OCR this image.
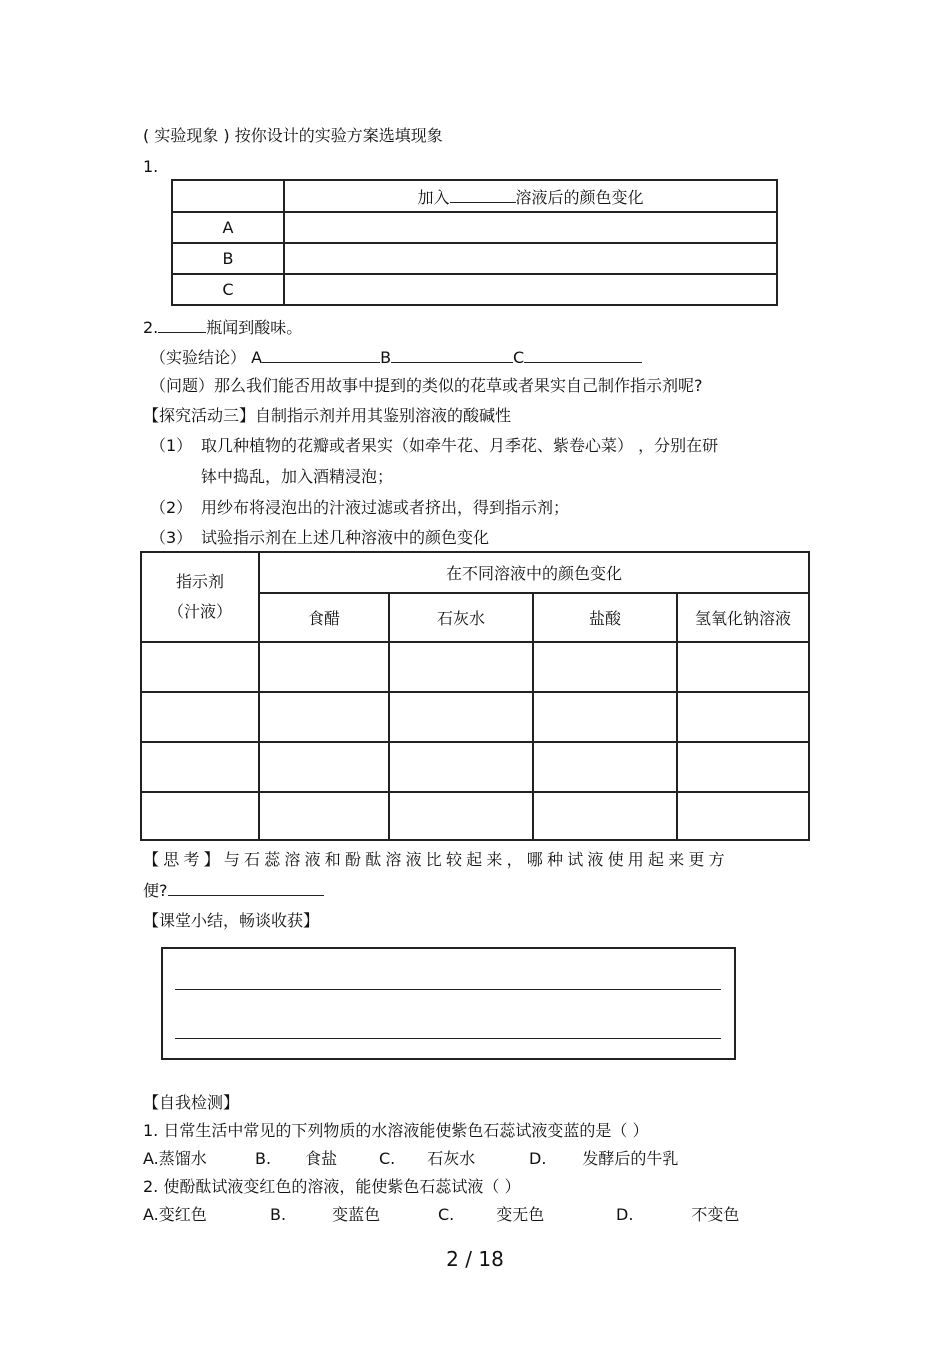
( 实验现象 ) 按你设计的实验方案选填现象
1.
	加入 溶液后的颜色变化
A	
B	
C	
2.	瓶闻到酸味。
（实验结论） A	B	C
（问题）那么我们能否用故事中提到的类似的花草或者果实自己制作指示剂呢?
【探究活动三】自制指示剂并用其鉴别溶液的酸碱性
（1） 取几种植物的花瓣或者果实（如牵牛花、月季花、紫卷心菜） ，分别在研
钵中捣乱，加入酒精浸泡；
（2） 用纱布将浸泡出的汁液过滤或者挤出，得到指示剂；
（3） 试验指示剂在上述几种溶液中的颜色变化
指示剂
（汁液）	在不同溶液中的颜色变化			
	食醋	石灰水	盐酸	氢氧化钠溶液

【思考】与石蕊溶液和酚酞溶液比较起来，哪种试液使用起来更方
便?
【课堂小结，畅谈收获】
【自我检测】
1. 日常生活中常见的下列物质的水溶液能使紫色石蕊试液变蓝的是（ ）
A.蒸馏水	B. 食盐	C. 石灰水	D. 发酵后的牛乳
2. 使酚酞试液变红色的溶液，能使紫色石蕊试液（ ）
A.变红色	B.	变蓝色	C.	变无色	D.	不变色
2 / 18
